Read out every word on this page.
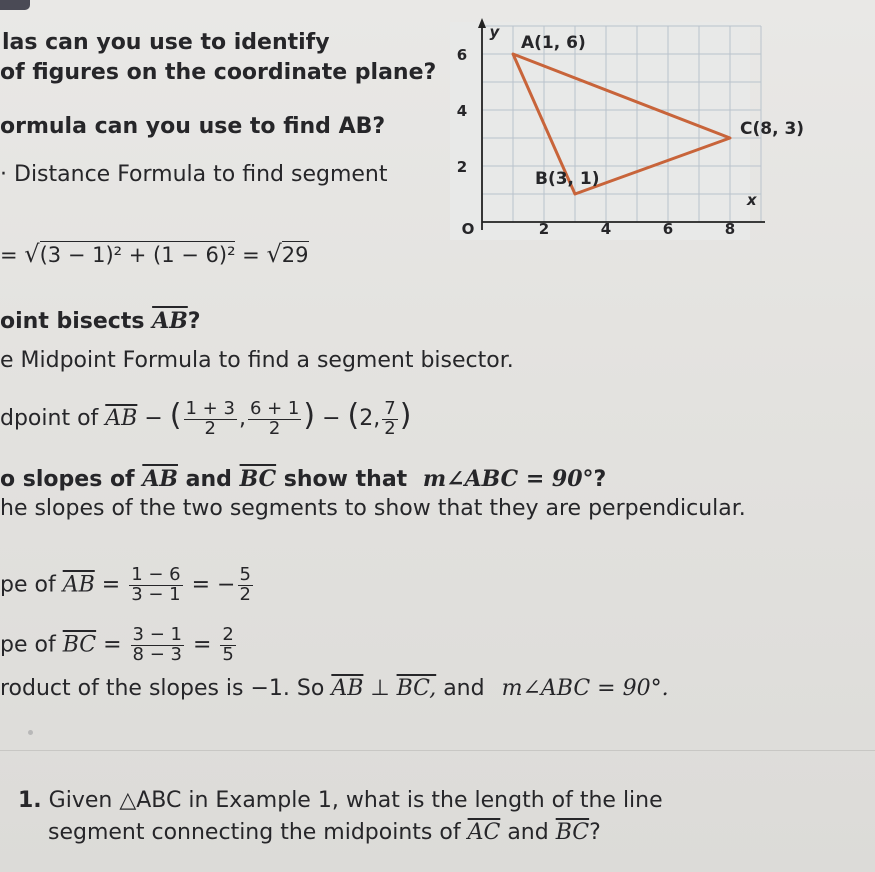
las can you use to identify
of figures on the coordinate plane?
ormula can you use to find AB?
· Distance Formula to find segment
= √(3 − 1)² + (1 − 6)² = √29
oint bisects $\overline{AB}$?
e Midpoint Formula to find a segment bisector.
dpoint of $\overline{AB}$ − ( $\frac{1 + 3}{2}$ , $\frac{6 + 1}{2}$ ) − (2, $\frac{7}{2}$ )
o slopes of $\overline{AB}$ and $\overline{BC}$ show that m∠ABC = 90°?
he slopes of the two segments to show that they are perpendicular.
pe of $\overline{AB} = \frac{1 - 6}{3 - 1}$ = − $\frac{5}{2}$
pe of $\overline{BC} = \frac{3 - 1}{8 - 3} = \frac{2}{5}$
roduct of the slopes is −1. So $\overline{AB}$ ⊥ BC, and m∠ABC = 90°.
1. Given △ABC in Example 1, what is the length of the line
segment connecting the midpoints of $\overline{AC}$ and $\overline{BC}$?
2	4	6	8
2
4
6
O
x
y
A(1, 6)
B(3, 1)
C(8, 3)
